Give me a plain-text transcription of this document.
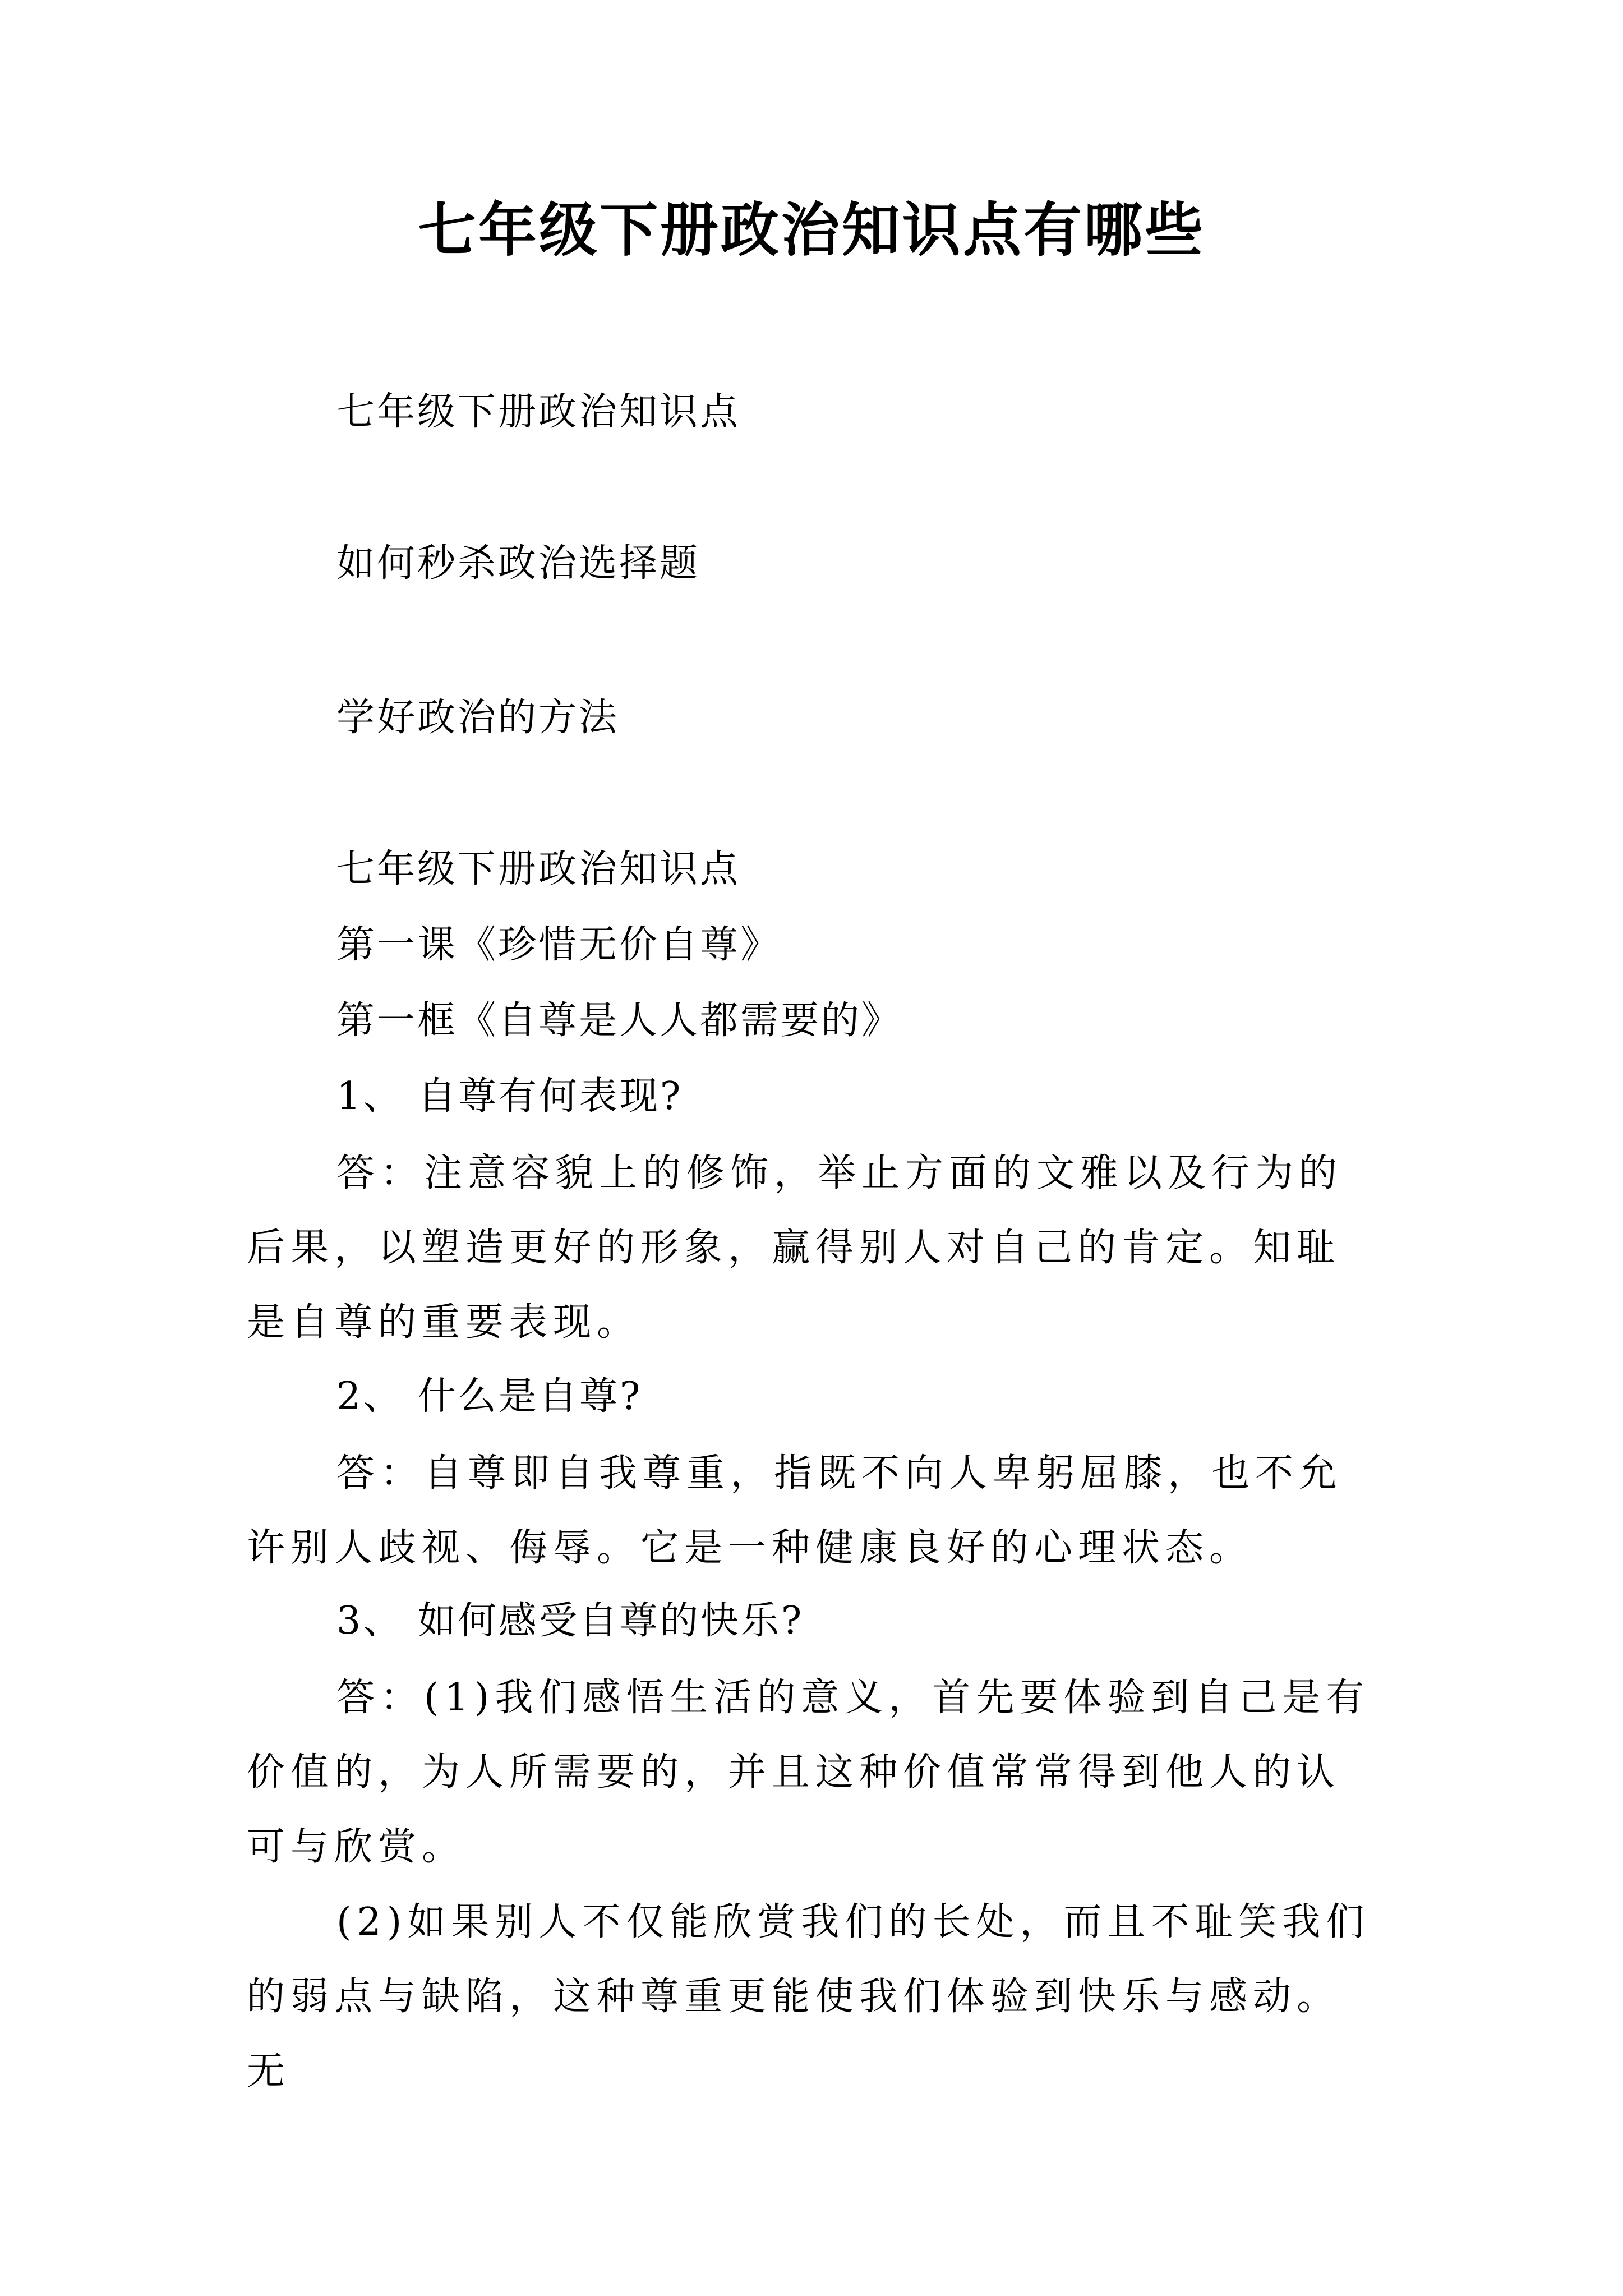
七年级下册政治知识点有哪些
七年级下册政治知识点
如何秒杀政治选择题
学好政治的方法
七年级下册政治知识点
第一课《珍惜无价自尊》
第一框《自尊是人人都需要的》
1、 自尊有何表现?
答：注意容貌上的修饰，举止方面的文雅以及行为的后果，以塑造更好的形象，赢得别人对自己的肯定。知耻是自尊的重要表现。
2、 什么是自尊?
答：自尊即自我尊重，指既不向人卑躬屈膝，也不允许别人歧视、侮辱。它是一种健康良好的心理状态。
3、 如何感受自尊的快乐?
答：(1)我们感悟生活的意义，首先要体验到自己是有价值的，为人所需要的，并且这种价值常常得到他人的认可与欣赏。
(2)如果别人不仅能欣赏我们的长处，而且不耻笑我们的弱点与缺陷，这种尊重更能使我们体验到快乐与感动。无
